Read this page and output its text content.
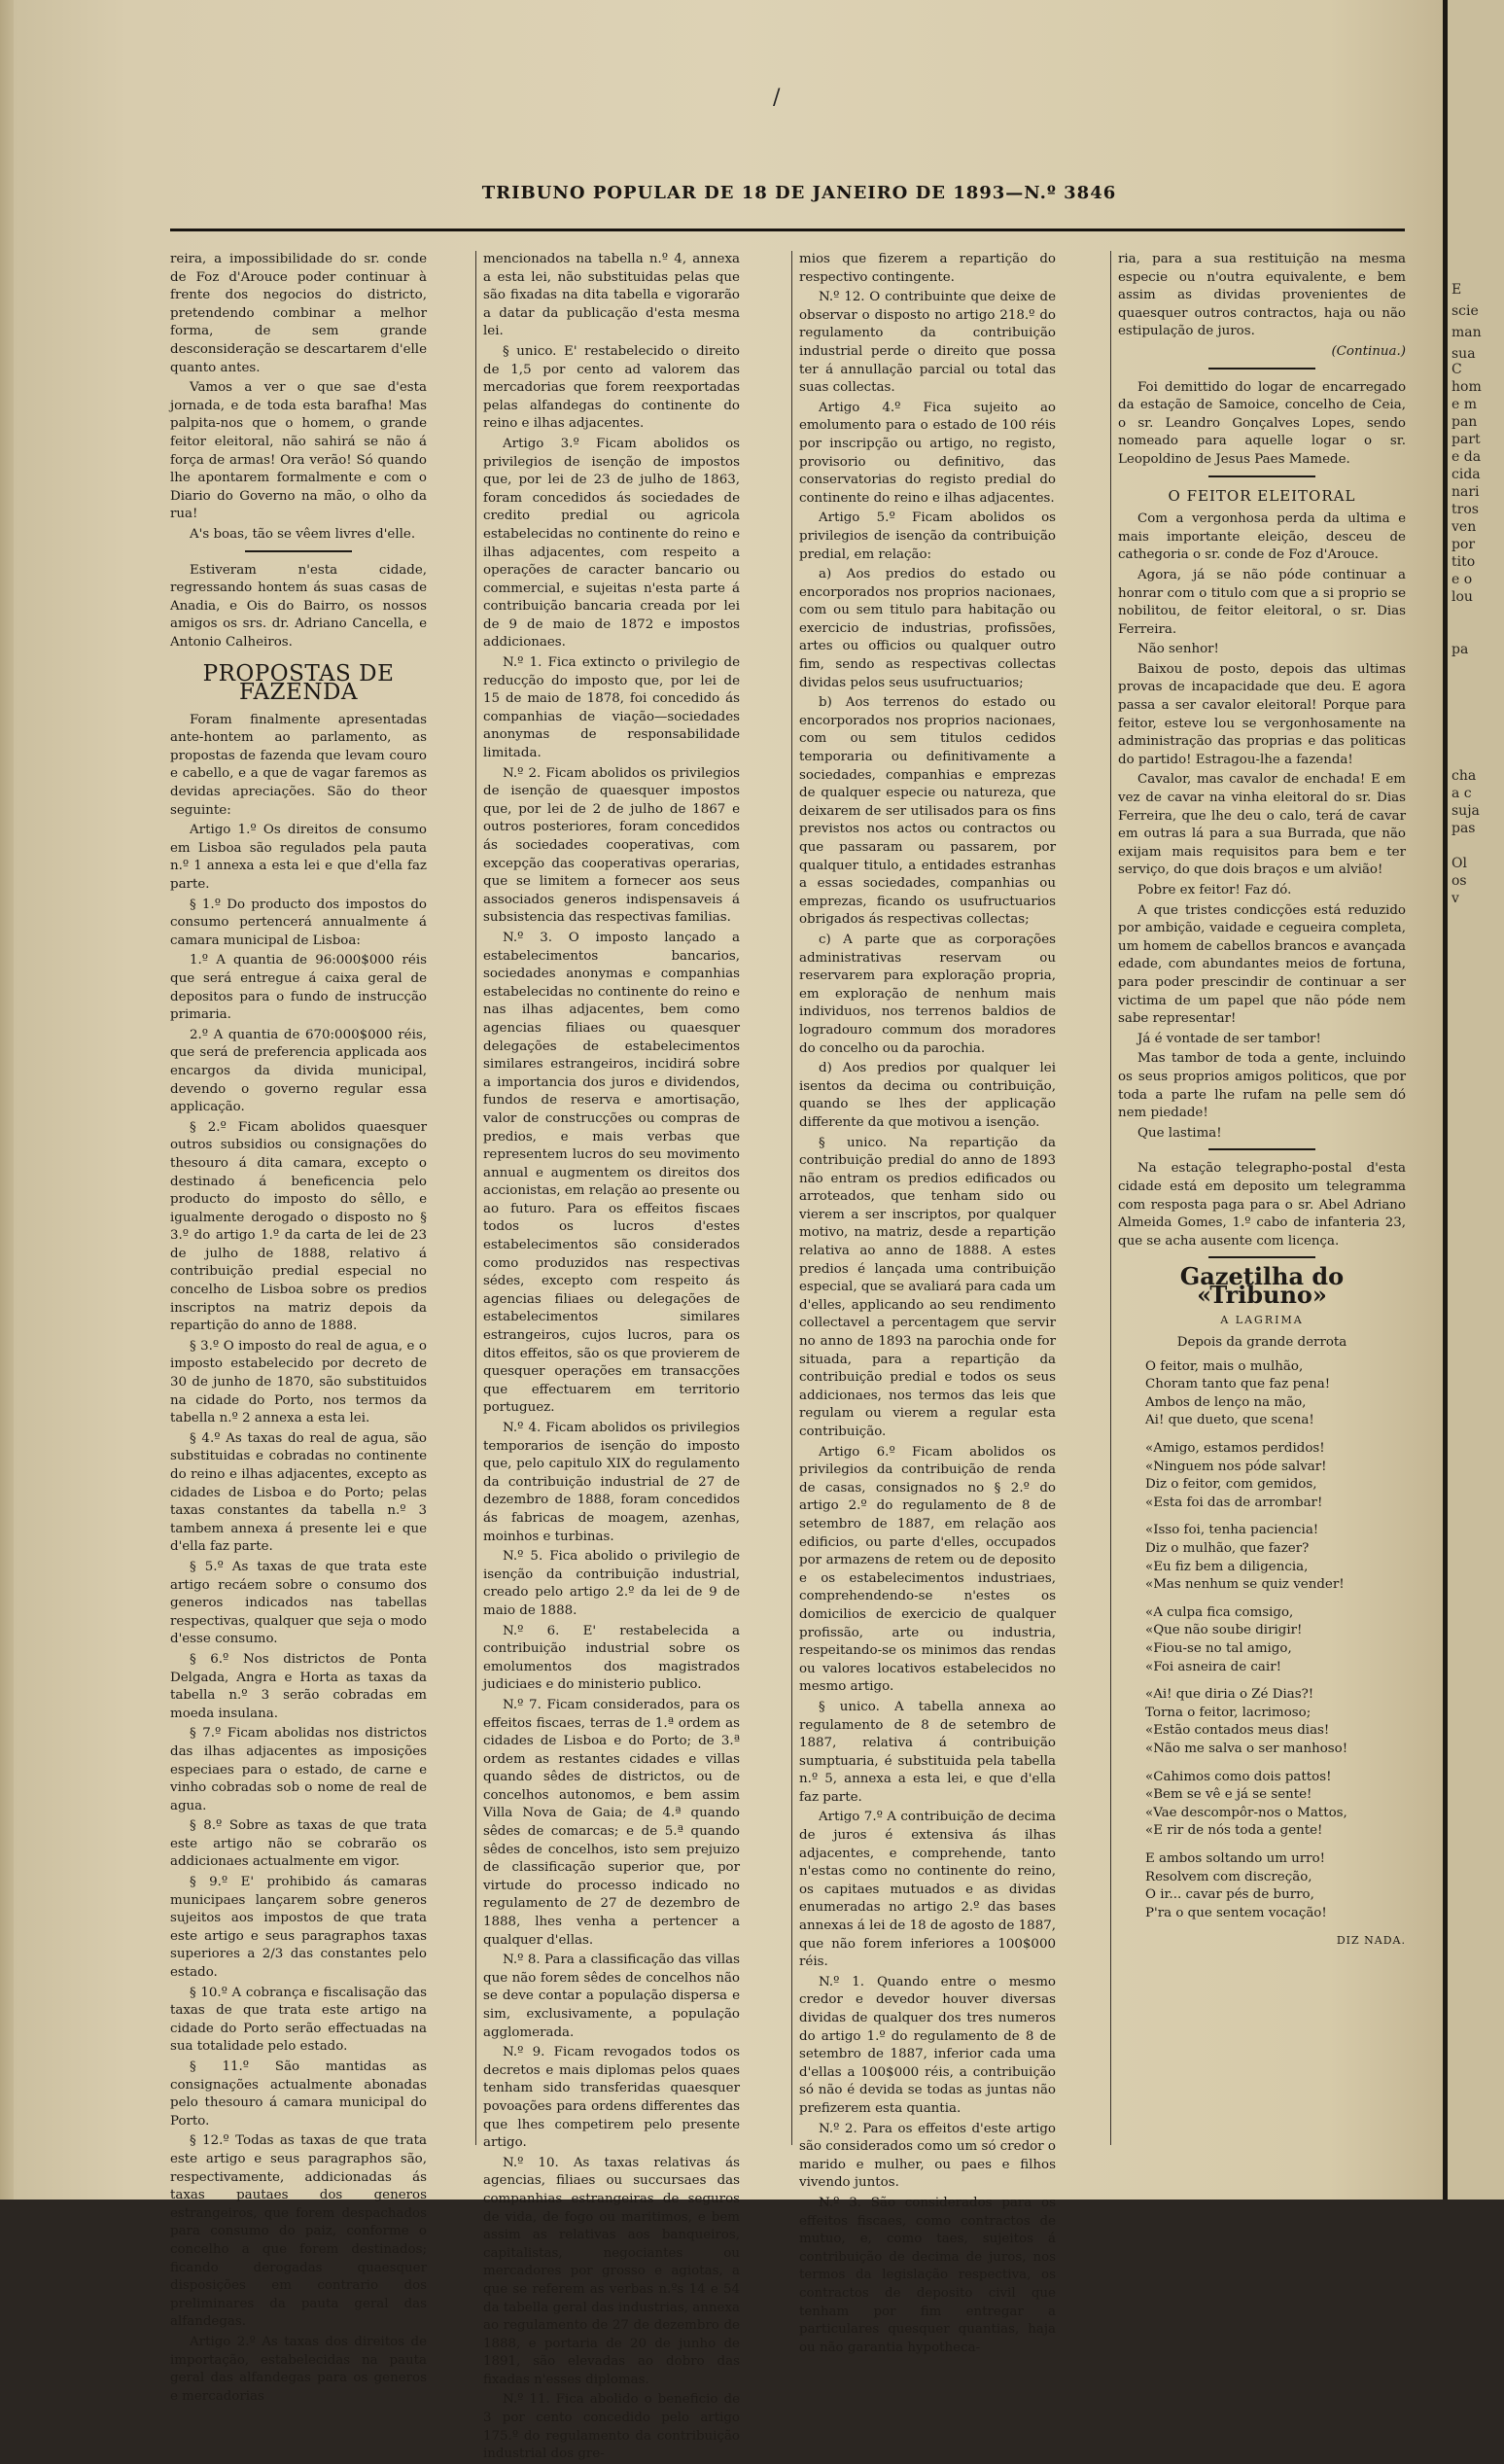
/
TRIBUNO POPULAR DE 18 DE JANEIRO DE 1893—N.º 3846

reira, a impossibilidade do sr. conde de Foz d'Arouce poder continuar à frente dos negocios do districto, pretendendo combinar a melhor forma, de sem grande desconsideração se descartarem d'elle quanto antes.

Vamos a ver o que sae d'esta jornada, e de toda esta barafha! Mas palpita-nos que o homem, o grande feitor eleitoral, não sahirá se não á força de armas! Ora verão! Só quando lhe apontarem formalmente e com o Diario do Governo na mão, o olho da rua!

A's boas, tão se vêem livres d'elle.

Estiveram n'esta cidade, regressando hontem ás suas casas de Anadia, e Ois do Bairro, os nossos amigos os srs. dr. Adriano Cancella, e Antonio Calheiros.

PROPOSTAS DE FAZENDA

Foram finalmente apresentadas ante-hontem ao parlamento, as propostas de fazenda que levam couro e cabello, e a que de vagar faremos as devidas apreciações. São do theor seguinte:

Artigo 1.º Os direitos de consumo em Lisboa são regulados pela pauta n.º 1 annexa a esta lei e que d'ella faz parte.

§ 1.º Do producto dos impostos do consumo pertencerá annualmente á camara municipal de Lisboa:

1.º A quantia de 96:000$000 réis que será entregue á caixa geral de depositos para o fundo de instrucção primaria.

2.º A quantia de 670:000$000 réis, que será de preferencia applicada aos encargos da divida municipal, devendo o governo regular essa applicação.

§ 2.º Ficam abolidos quaesquer outros subsidios ou consignações do thesouro á dita camara, excepto o destinado á beneficencia pelo producto do imposto do sêllo, e igualmente derogado o disposto no § 3.º do artigo 1.º da carta de lei de 23 de julho de 1888, relativo á contribuição predial especial no concelho de Lisboa sobre os predios inscriptos na matriz depois da repartição do anno de 1888.

§ 3.º O imposto do real de agua, e o imposto estabelecido por decreto de 30 de junho de 1870, são substituidos na cidade do Porto, nos termos da tabella n.º 2 annexa a esta lei.

§ 4.º As taxas do real de agua, são substituidas e cobradas no continente do reino e ilhas adjacentes, excepto as cidades de Lisboa e do Porto; pelas taxas constantes da tabella n.º 3 tambem annexa á presente lei e que d'ella faz parte.

§ 5.º As taxas de que trata este artigo recáem sobre o consumo dos generos indicados nas tabellas respectivas, qualquer que seja o modo d'esse consumo.

§ 6.º Nos districtos de Ponta Delgada, Angra e Horta as taxas da tabella n.º 3 serão cobradas em moeda insulana.

§ 7.º Ficam abolidas nos districtos das ilhas adjacentes as imposições especiaes para o estado, de carne e vinho cobradas sob o nome de real de agua.

§ 8.º Sobre as taxas de que trata este artigo não se cobrarão os addicionaes actualmente em vigor.

§ 9.º E' prohibido ás camaras municipaes lançarem sobre generos sujeitos aos impostos de que trata este artigo e seus paragraphos taxas superiores a 2/3 das constantes pelo estado.

§ 10.º A cobrança e fiscalisação das taxas de que trata este artigo na cidade do Porto serão effectuadas na sua totalidade pelo estado.

§ 11.º São mantidas as consignações actualmente abonadas pelo thesouro á camara municipal do Porto.

§ 12.º Todas as taxas de que trata este artigo e seus paragraphos são, respectivamente, addicionadas ás taxas pautaes dos generos estrangeiros, que forem despachados para consumo do paiz, conforme o concelho a que forem destinados; ficando derogadas quaesquer disposições em contrario dos preliminares da pauta geral das alfandegas.

Artigo 2.º As taxas dos direitos de importação, estabelecidas na pauta geral das alfandegas para os generos e mercadorias

mencionados na tabella n.º 4, annexa a esta lei, não substituidas pelas que são fixadas na dita tabella e vigorarão a datar da publicação d'esta mesma lei.

§ unico. E' restabelecido o direito de 1,5 por cento ad valorem das mercadorias que forem reexportadas pelas alfandegas do continente do reino e ilhas adjacentes.

Artigo 3.º Ficam abolidos os privilegios de isenção de impostos que, por lei de 23 de julho de 1863, foram concedidos ás sociedades de credito predial ou agricola estabelecidas no continente do reino e ilhas adjacentes, com respeito a operações de caracter bancario ou commercial, e sujeitas n'esta parte á contribuição bancaria creada por lei de 9 de maio de 1872 e impostos addicionaes.

N.º 1. Fica extincto o privilegio de reducção do imposto que, por lei de 15 de maio de 1878, foi concedido ás companhias de viação—sociedades anonymas de responsabilidade limitada.

N.º 2. Ficam abolidos os privilegios de isenção de quaesquer impostos que, por lei de 2 de julho de 1867 e outros posteriores, foram concedidos ás sociedades cooperativas, com excepção das cooperativas operarias, que se limitem a fornecer aos seus associados generos indispensaveis á subsistencia das respectivas familias.

N.º 3. O imposto lançado a estabelecimentos bancarios, sociedades anonymas e companhias estabelecidas no continente do reino e nas ilhas adjacentes, bem como agencias filiaes ou quaesquer delegações de estabelecimentos similares estrangeiros, incidirá sobre a importancia dos juros e dividendos, fundos de reserva e amortisação, valor de construcções ou compras de predios, e mais verbas que representem lucros do seu movimento annual e augmentem os direitos dos accionistas, em relação ao presente ou ao futuro. Para os effeitos fiscaes todos os lucros d'estes estabelecimentos são considerados como produzidos nas respectivas sédes, excepto com respeito ás agencias filiaes ou delegações de estabelecimentos similares estrangeiros, cujos lucros, para os ditos effeitos, são os que provierem de quesquer operações em transacções que effectuarem em territorio portuguez.

N.º 4. Ficam abolidos os privilegios temporarios de isenção do imposto que, pelo capitulo XIX do regulamento da contribuição industrial de 27 de dezembro de 1888, foram concedidos ás fabricas de moagem, azenhas, moinhos e turbinas.

N.º 5. Fica abolido o privilegio de isenção da contribuição industrial, creado pelo artigo 2.º da lei de 9 de maio de 1888.

N.º 6. E' restabelecida a contribuição industrial sobre os emolumentos dos magistrados judiciaes e do ministerio publico.

N.º 7. Ficam considerados, para os effeitos fiscaes, terras de 1.ª ordem as cidades de Lisboa e do Porto; de 3.ª ordem as restantes cidades e villas quando sêdes de districtos, ou de concelhos autonomos, e bem assim Villa Nova de Gaia; de 4.ª quando sêdes de comarcas; e de 5.ª quando sêdes de concelhos, isto sem prejuizo de classificação superior que, por virtude do processo indicado no regulamento de 27 de dezembro de 1888, lhes venha a pertencer a qualquer d'ellas.

N.º 8. Para a classificação das villas que não forem sêdes de concelhos não se deve contar a população dispersa e sim, exclusivamente, a população agglomerada.

N.º 9. Ficam revogados todos os decretos e mais diplomas pelos quaes tenham sido transferidas quaesquer povoações para ordens differentes das que lhes competirem pelo presente artigo.

N.º 10. As taxas relativas ás agencias, filiaes ou succursaes das companhias estrangeiras de seguros de vida, de fogo ou maritimos, e bem assim as relativas aos banqueiros, capitalistas, negociantes ou mercadores por grosso e agiotas, a que se referem as verbas n.ºs 14 e 54 da tabella geral das industrias, annexa ao regulamento de 27 de dezembro de 1888, e portaria de 20 de junho de 1891, são elevadas ao dobro das fixadas n'esses diplomas.

N.º 11. Fica abolido o beneficio de 3 por cento concedido pelo artigo 175.º do regulamento da contribuição industrial dos gre-

mios que fizerem a repartição do respectivo contingente.

N.º 12. O contribuinte que deixe de observar o disposto no artigo 218.º do regulamento da contribuição industrial perde o direito que possa ter á annullação parcial ou total das suas collectas.

Artigo 4.º Fica sujeito ao emolumento para o estado de 100 réis por inscripção ou artigo, no registo, provisorio ou definitivo, das conservatorias do registo predial do continente do reino e ilhas adjacentes.

Artigo 5.º Ficam abolidos os privilegios de isenção da contribuição predial, em relação:

a) Aos predios do estado ou encorporados nos proprios nacionaes, com ou sem titulo para habitação ou exercicio de industrias, profissões, artes ou officios ou qualquer outro fim, sendo as respectivas collectas dividas pelos seus usufructuarios;

b) Aos terrenos do estado ou encorporados nos proprios nacionaes, com ou sem titulos cedidos temporaria ou definitivamente a sociedades, companhias e emprezas de qualquer especie ou natureza, que deixarem de ser utilisados para os fins previstos nos actos ou contractos ou que passaram ou passarem, por qualquer titulo, a entidades estranhas a essas sociedades, companhias ou emprezas, ficando os usufructuarios obrigados ás respectivas collectas;

c) A parte que as corporações administrativas reservam ou reservarem para exploração propria, em exploração de nenhum mais individuos, nos terrenos baldios de logradouro commum dos moradores do concelho ou da parochia.

d) Aos predios por qualquer lei isentos da decima ou contribuição, quando se lhes der applicação differente da que motivou a isenção.

§ unico. Na repartição da contribuição predial do anno de 1893 não entram os predios edificados ou arroteados, que tenham sido ou vierem a ser inscriptos, por qualquer motivo, na matriz, desde a repartição relativa ao anno de 1888. A estes predios é lançada uma contribuição especial, que se avaliará para cada um d'elles, applicando ao seu rendimento collectavel a percentagem que servir no anno de 1893 na parochia onde for situada, para a repartição da contribuição predial e todos os seus addicionaes, nos termos das leis que regulam ou vierem a regular esta contribuição.

Artigo 6.º Ficam abolidos os privilegios da contribuição de renda de casas, consignados no § 2.º do artigo 2.º do regulamento de 8 de setembro de 1887, em relação aos edificios, ou parte d'elles, occupados por armazens de retem ou de deposito e os estabelecimentos industriaes, comprehendendo-se n'estes os domicilios de exercicio de qualquer profissão, arte ou industria, respeitando-se os minimos das rendas ou valores locativos estabelecidos no mesmo artigo.

§ unico. A tabella annexa ao regulamento de 8 de setembro de 1887, relativa á contribuição sumptuaria, é substituida pela tabella n.º 5, annexa a esta lei, e que d'ella faz parte.

Artigo 7.º A contribuição de decima de juros é extensiva ás ilhas adjacentes, e comprehende, tanto n'estas como no continente do reino, os capitaes mutuados e as dividas enumeradas no artigo 2.º das bases annexas á lei de 18 de agosto de 1887, que não forem inferiores a 100$000 réis.

N.º 1. Quando entre o mesmo credor e devedor houver diversas dividas de qualquer dos tres numeros do artigo 1.º do regulamento de 8 de setembro de 1887, inferior cada uma d'ellas a 100$000 réis, a contribuição só não é devida se todas as juntas não prefizerem esta quantia.

N.º 2. Para os effeitos d'este artigo são considerados como um só credor o marido e mulher, ou paes e filhos vivendo juntos.

N.º 3. São considerados para os effeitos fiscaes, como contractos de mutuo, e, como taes, sujeitos á contribuição de decima de juros, nos termos da legislação respectiva, os contractos de deposito civil que tenham por fim entregar a particulares quesquer quantias, haja ou não garantia hypotheca-

ria, para a sua restituição na mesma especie ou n'outra equivalente, e bem assim as dividas provenientes de quaesquer outros contractos, haja ou não estipulação de juros.

(Continua.)

Foi demittido do logar de encarregado da estação de Samoice, concelho de Ceia, o sr. Leandro Gonçalves Lopes, sendo nomeado para aquelle logar o sr. Leopoldino de Jesus Paes Mamede.

O FEITOR ELEITORAL

Com a vergonhosa perda da ultima e mais importante eleição, desceu de cathegoria o sr. conde de Foz d'Arouce.

Agora, já se não póde continuar a honrar com o titulo com que a si proprio se nobilitou, de feitor eleitoral, o sr. Dias Ferreira.

Não senhor!

Baixou de posto, depois das ultimas provas de incapacidade que deu. E agora passa a ser cavalor eleitoral! Porque para feitor, esteve lou se vergonhosamente na administração das proprias e das politicas do partido! Estragou-lhe a fazenda!

Cavalor, mas cavalor de enchada! E em vez de cavar na vinha eleitoral do sr. Dias Ferreira, que lhe deu o calo, terá de cavar em outras lá para a sua Burrada, que não exijam mais requisitos para bem e ter serviço, do que dois braços e um alvião!

Pobre ex feitor! Faz dó.

A que tristes condicções está reduzido por ambição, vaidade e cegueira completa, um homem de cabellos brancos e avançada edade, com abundantes meios de fortuna, para poder prescindir de continuar a ser victima de um papel que não póde nem sabe representar!

Já é vontade de ser tambor!

Mas tambor de toda a gente, incluindo os seus proprios amigos politicos, que por toda a parte lhe rufam na pelle sem dó nem piedade!

Que lastima!

Na estação telegrapho-postal d'esta cidade está em deposito um telegramma com resposta paga para o sr. Abel Adriano Almeida Gomes, 1.º cabo de infanteria 23, que se acha ausente com licença.

Gazetilha do «Tribuno»
A LAGRIMA
Depois da grande derrota

O feitor, mais o mulhão,

Choram tanto que faz pena!

Ambos de lenço na mão,

Ai! que dueto, que scena!

«Amigo, estamos perdidos!

«Ninguem nos póde salvar!

Diz o feitor, com gemidos,

«Esta foi das de arrombar!

«Isso foi, tenha paciencia!

Diz o mulhão, que fazer?

«Eu fiz bem a diligencia,

«Mas nenhum se quiz vender!

«A culpa fica comsigo,

«Que não soube dirigir!

«Fiou-se no tal amigo,

«Foi asneira de cair!

«Ai! que diria o Zé Dias?!

Torna o feitor, lacrimoso;

«Estão contados meus dias!

«Não me salva o ser manhoso!

«Cahimos como dois pattos!

«Bem se vê e já se sente!

«Vae descompôr-nos o Mattos,

«E rir de nós toda a gente!

E ambos soltando um urro!

Resolvem com discreção,

O ir... cavar pés de burro,

P'ra o que sentem vocação!

DIZ NADA.

E
scie
man
sua
C
hom
e m
pan
part
e da
cida
nari
tros
ven
por
tito
e o
lou
pa
cha
a c
suja
pas
Ol
os
v
